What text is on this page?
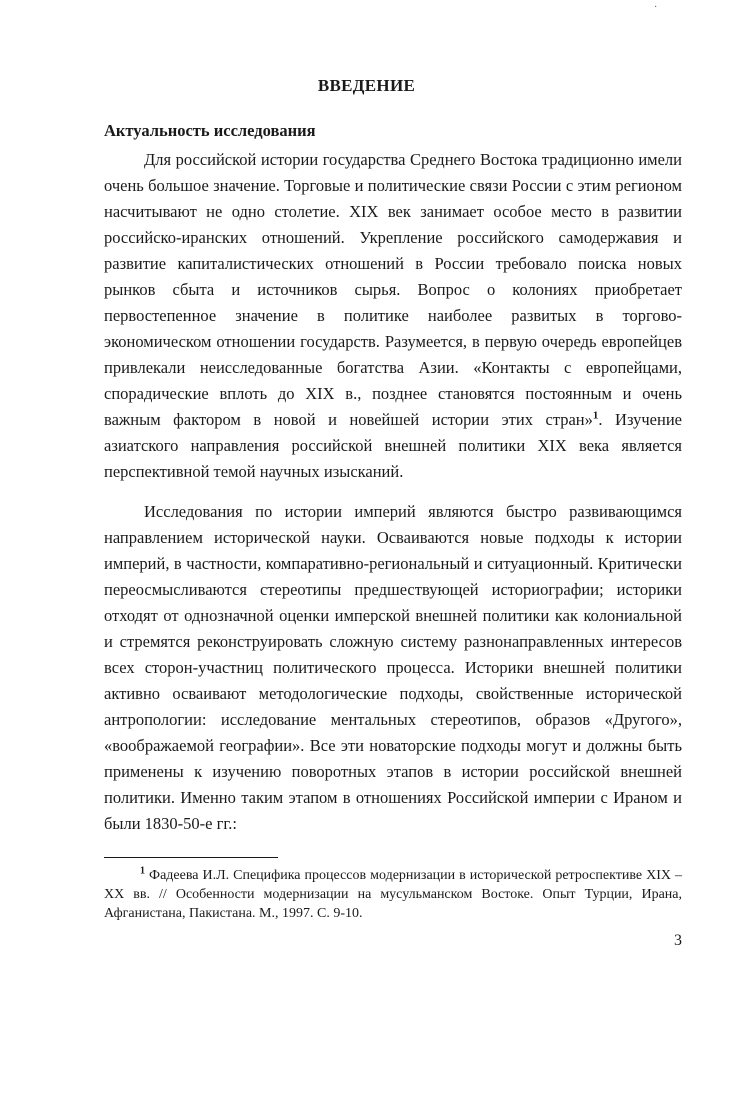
·
ВВЕДЕНИЕ
Актуальность исследования

Для российской истории государства Среднего Востока традиционно имели очень большое значение. Торговые и политические связи России с этим регионом насчитывают не одно столетие. XIX век занимает особое место в развитии российско-иранских отношений. Укрепление российского самодержавия и развитие капиталистических отношений в России требовало поиска новых рынков сбыта и источников сырья. Вопрос о колониях приобретает первостепенное значение в политике наиболее развитых в торгово-экономическом отношении государств. Разумеется, в первую очередь европейцев привлекали неисследованные богатства Азии. «Контакты с европейцами, спорадические вплоть до XIX в., позднее становятся постоянным и очень важным фактором в новой и новейшей истории этих стран»$^1$. Изучение азиатского направления российской внешней политики XIX века является перспективной темой научных изысканий.

Исследования по истории империй являются быстро развивающимся направлением исторической науки. Осваиваются новые подходы к истории империй, в частности, компаративно-региональный и ситуационный. Критически переосмысливаются стереотипы предшествующей историографии; историки отходят от однозначной оценки имперской внешней политики как колониальной и стремятся реконструировать сложную систему разнонаправленных интересов всех сторон-участниц политического процесса. Историки внешней политики активно осваивают методологические подходы, свойственные исторической антропологии: исследование ментальных стереотипов, образов «Другого», «воображаемой географии». Все эти новаторские подходы могут и должны быть применены к изучению поворотных этапов в истории российской внешней политики. Именно таким этапом в отношениях Российской империи с Ираном и были 1830-50-е гг.:

$^1$ Фадеева И.Л. Специфика процессов модернизации в исторической ретроспективе XIX – XX вв. // Особенности модернизации на мусульманском Востоке. Опыт Турции, Ирана, Афганистана, Пакистана. М., 1997. С. 9-10.
3
